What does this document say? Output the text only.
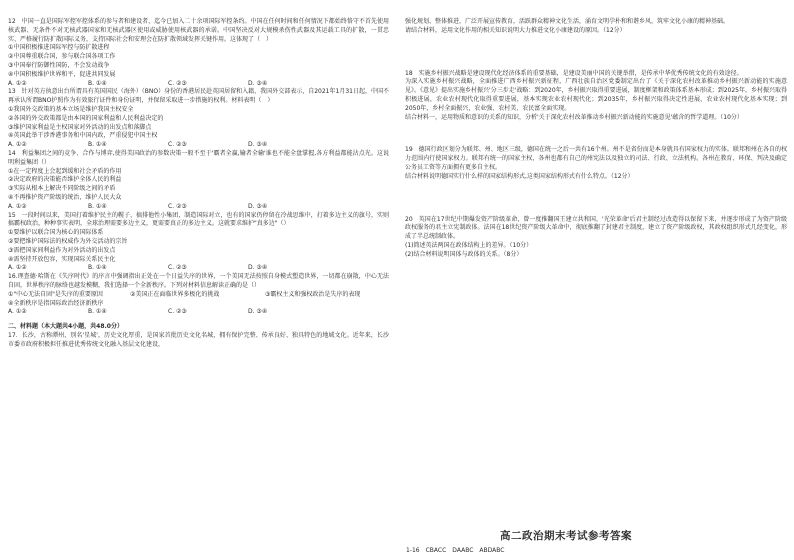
12　中国一直是国际军控军控体系的参与者和建设者，迄今已加入二十余项国际军控条约。中国在任何时间和任何情况下都始终恪守不首先使用核武器、无条件不对无核武器国家和无核武器区使用或威胁使用核武器的承诺。中国坚决反对大规模杀伤性武器及其运载工具的扩散，一贯忠实、严格履行防扩散国际义务，支持国际社会和安理会在防扩散领域发挥关键作用。这体现了（　）

①中国积极推进国际军控与防扩散进程

②中国尊重联合国，参与联合国各项工作

③中国奉行防御性国防，不会发动战争

④中国积极维护世界和平，促进共同发展

A. ①②	B. ①④	C. ②③	D. ③④

13　针对英方执意出台所谓具有英国国民（海外）（BNO）身份的香港居民赴英国居留和入籍，我国外交部表示，自2021年1月31日起，中国不再承认所谓BNO护照作为有效旅行证件和身份证明，并保留采取进一步措施的权利。材料表明（　）

①我国外交政策的基本立场是维护我国主权安全

②各国的外交政策都是由本国的国家利益和人民利益决定的

③维护国家利益是主权国家对外活动的出发点和落脚点

④英国此举干涉香港事务和中国内政，严重侵犯中国主权

A. ①②	B. ①④	C. ②③	D. ③④

14　利益集团之间的竞争、合作与博弈,使得美国政治的参数决策一般不至于'霸者全赢,输者全输'谁也不能全盘掌握,各方利益都能沾点光。这说明利益集团（）

①在一定程度上会起到缓和社会矛盾的作用

②决定政府的决策能否维护全体人民的利益

③实际从根本上解决不同阶级之间的矛盾

④不再推护资产阶级的统治，维护人民大众

A. ①②	B. ①④	C. ②③	D. ③④

15　一段时间以来，美国打着维护民主的幌子，搞排他性小集团，制造国际对立，也有的国家仍停留在冷战思维中，打着多边主义的旗号，实则搞霸权政治，种种事实表明，全球治理需要多边主义，更需要真正的多边主义。这就要求维护"真多边"（）

①要维护以联合国为核心的国际体系

②要把维护国际法的权威作为外交活动的宗旨

③需把国家间利益作为对外活动的出发点

④需坚持开放包容，实现国际关系民主化

A. ①②	B. ①④	C. ②③	D. ③④

16.理查德·哈斯在《失序时代》的序言中强调指出正处在一个日益失序的世界，一个美国无法按照自身模式塑造世界，一切都在崩散，中心无法自固，世界秩序的脉络也越发模糊，我们选择一个全新秩序。下列对材料信息解读正确的是（）

①"中心无法自固"是失序的重要原因	②美国正在面临世界多极化的挑战	③霸权主义和强权政治是失序的表现

④全新秩序是指国际政治经济新秩序

A. ①②	B. ①④	C. ②③	D. ③④

二、材料题（本大题共4小题，共48.0分）

17．长沙，古称潭州，别名'星城'，历史文化厚重，是国家首批历史文化名城，拥有保护完整、传承良好、独具特色的地域文化。近年来，长沙市委市政府积极担任推进优秀传统文化融入基层文化建设，

强化规划、整体推进，广泛开展宣传教育，活跃群众精神文化生活，涌育文明孕朴和和谐乡风，筑牢文化小康的精神基础。

请结合材料，运用文化作用的相关知识说明大力推进文化小康建设的原因。（12分）

18　实施乡村振兴战略是建设现代化经济体系的重要基础，是建设美丽中国的关键举措，是传承中华优秀传统文化的有效途径。

为深入实施乡村振兴战略，全面推进广西乡村振兴新征程，广西壮族自治区党委制定出台了《关于深化农村改革推动乡村振兴新动能的实施意见》。《意见》提出实施乡村振兴'分三步走'战略：到2020年，乡村振兴取得重要进展，制度框架和政策体系基本形成；到2025年，乡村振兴取得积极进展，农业农村现代化取得重要进展，基本实现农业农村现代化；到2035年，乡村振兴取得决定性进展，农业农村现代化基本实现；到2050年，乡村全面振兴，农业强、农村美、农民富全面实现。

结合材料一，运用物质和意识的关系的知识，分析'关于深化农村改革推动乡村振兴新动能的实施意见'蕴含的哲学道理。（10分）

19　德国行政区划分为联邦、州、地区三级，德国在统一之后一共有16个州。州不是省份而是本身就具有国家权力的实体。联邦和州在各自的权力范围内行使国家权力。联邦有统一的国家主权，各州也都有自己的州宪法以及独立的司法、行政、立法机构。各州在教育、环保、判决及确定公务员工资等方面拥有更多自主权。

结合材料说明德国实行什么样的国家结构形式,这类国家结构形式有什么特点。（12分）

20　英国在17世纪中期爆发资产阶级革命，曾一度推翻国王建立共和国，'光荣革命'后君主制经过改造得以保留下来，并逐步形成了为资产阶级政权服务的君主立宪制政体。法国在18世纪资产阶级大革命中，彻底推翻了封建君主制度，建立了资产阶级政权，其政权组织形式几经变化，形成了半总统制政体。

(1)简述英法两国在政体结构上的差异。（10分）

(2)结合材料说明国体与政体的关系。（8分）

高二政治期末考试参考答案
1-16　CBACC　DAABC　ABDABC
